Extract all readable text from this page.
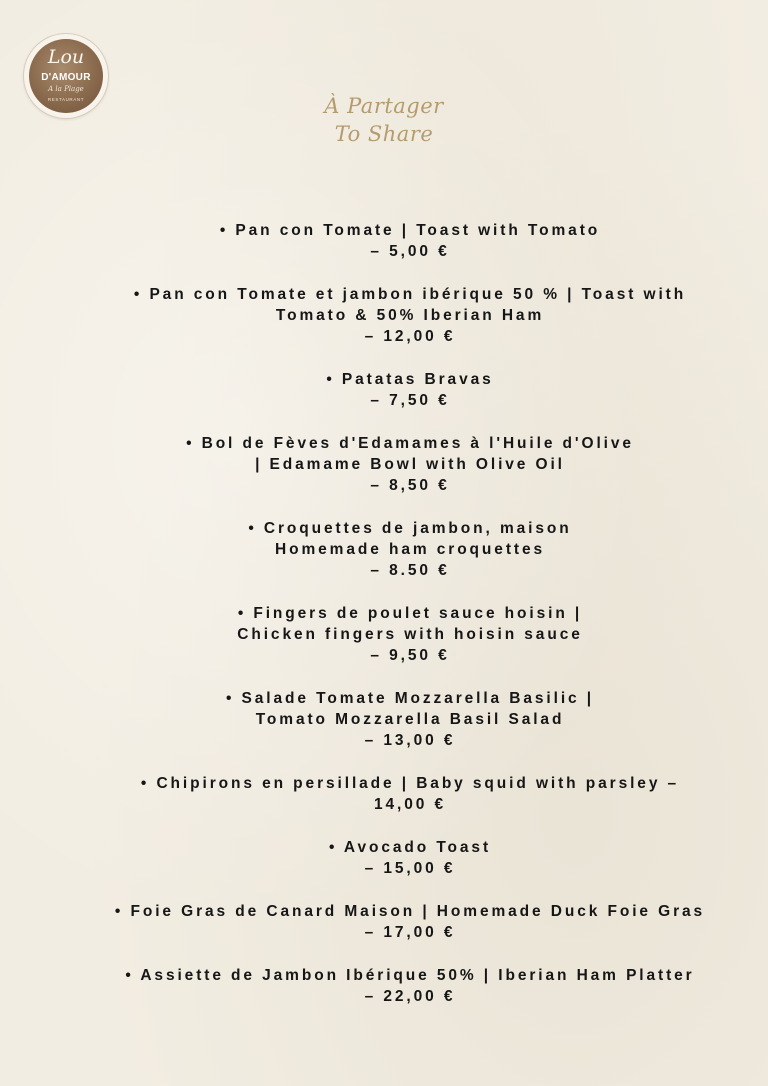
Lou
D'AMOUR
A la Plage
RESTAURANT	À Partager
To Share
• Pan con Tomate | Toast with Tomato
– 5,00 €
• Pan con Tomate et jambon ibérique 50 % | Toast with
Tomato & 50% Iberian Ham
– 12,00 €
• Patatas Bravas
– 7,50 €
• Bol de Fèves d'Edamames à l'Huile d'Olive
| Edamame Bowl with Olive Oil
– 8,50 €
• Croquettes de jambon, maison
Homemade ham croquettes
– 8.50 €
• Fingers de poulet sauce hoisin |
Chicken fingers with hoisin sauce
– 9,50 €
• Salade Tomate Mozzarella Basilic |
Tomato Mozzarella Basil Salad
– 13,00 €
• Chipirons en persillade | Baby squid with parsley –
14,00 €
• Avocado Toast
– 15,00 €
• Foie Gras de Canard Maison | Homemade Duck Foie Gras
– 17,00 €
• Assiette de Jambon Ibérique 50% | Iberian Ham Platter
– 22,00 €
